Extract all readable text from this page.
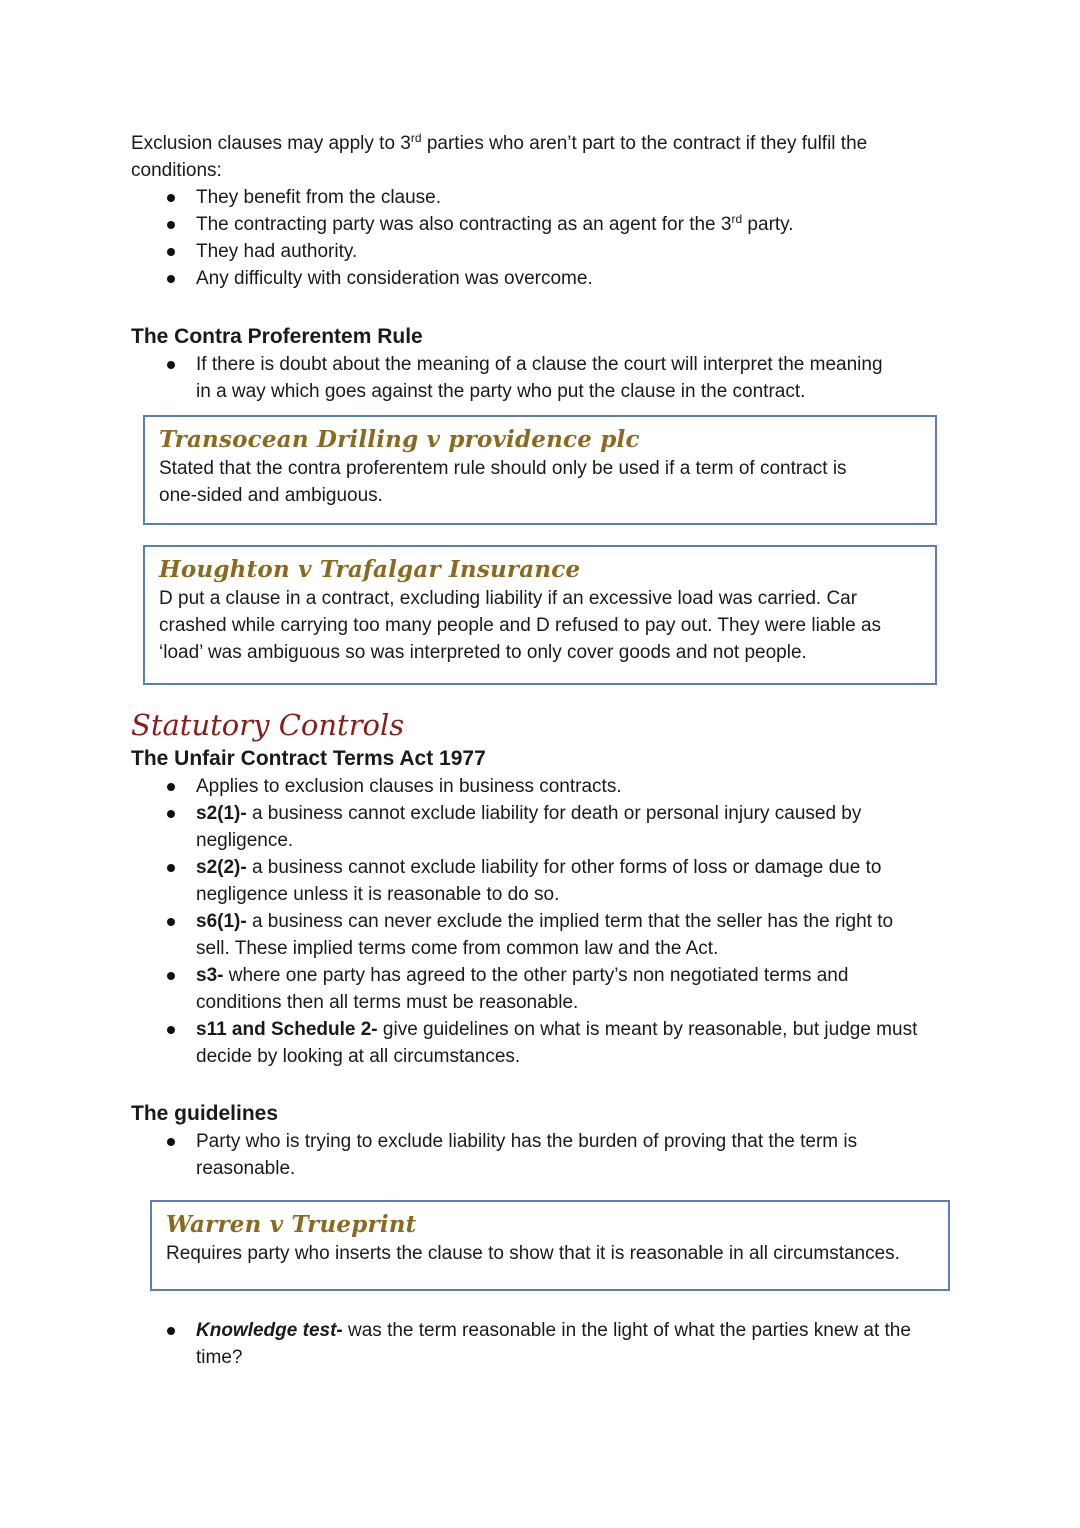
Exclusion clauses may apply to 3rd parties who aren’t part to the contract if they fulfil the
conditions:

They benefit from the clause.
The contracting party was also contracting as an agent for the 3rd party.
They had authority.
Any difficulty with consideration was overcome.

The Contra Proferentem Rule

If there is doubt about the meaning of a clause the court will interpret the meaning
in a way which goes against the party who put the clause in the contract.
Transocean Drilling v providence plc
Stated that the contra proferentem rule should only be used if a term of contract is
one-sided and ambiguous.
Houghton v Trafalgar Insurance
D put a clause in a contract, excluding liability if an excessive load was carried. Car
crashed while carrying too many people and D refused to pay out. They were liable as
‘load’ was ambiguous so was interpreted to only cover goods and not people.

Statutory Controls

The Unfair Contract Terms Act 1977

Applies to exclusion clauses in business contracts.
s2(1)- a business cannot exclude liability for death or personal injury caused by
negligence.
s2(2)- a business cannot exclude liability for other forms of loss or damage due to
negligence unless it is reasonable to do so.
s6(1)- a business can never exclude the implied term that the seller has the right to
sell. These implied terms come from common law and the Act.
s3- where one party has agreed to the other party’s non negotiated terms and
conditions then all terms must be reasonable.
s11 and Schedule 2- give guidelines on what is meant by reasonable, but judge must
decide by looking at all circumstances.

The guidelines

Party who is trying to exclude liability has the burden of proving that the term is
reasonable.
Warren v Trueprint
Requires party who inserts the clause to show that it is reasonable in all circumstances.
Knowledge test- was the term reasonable in the light of what the parties knew at the
time?
